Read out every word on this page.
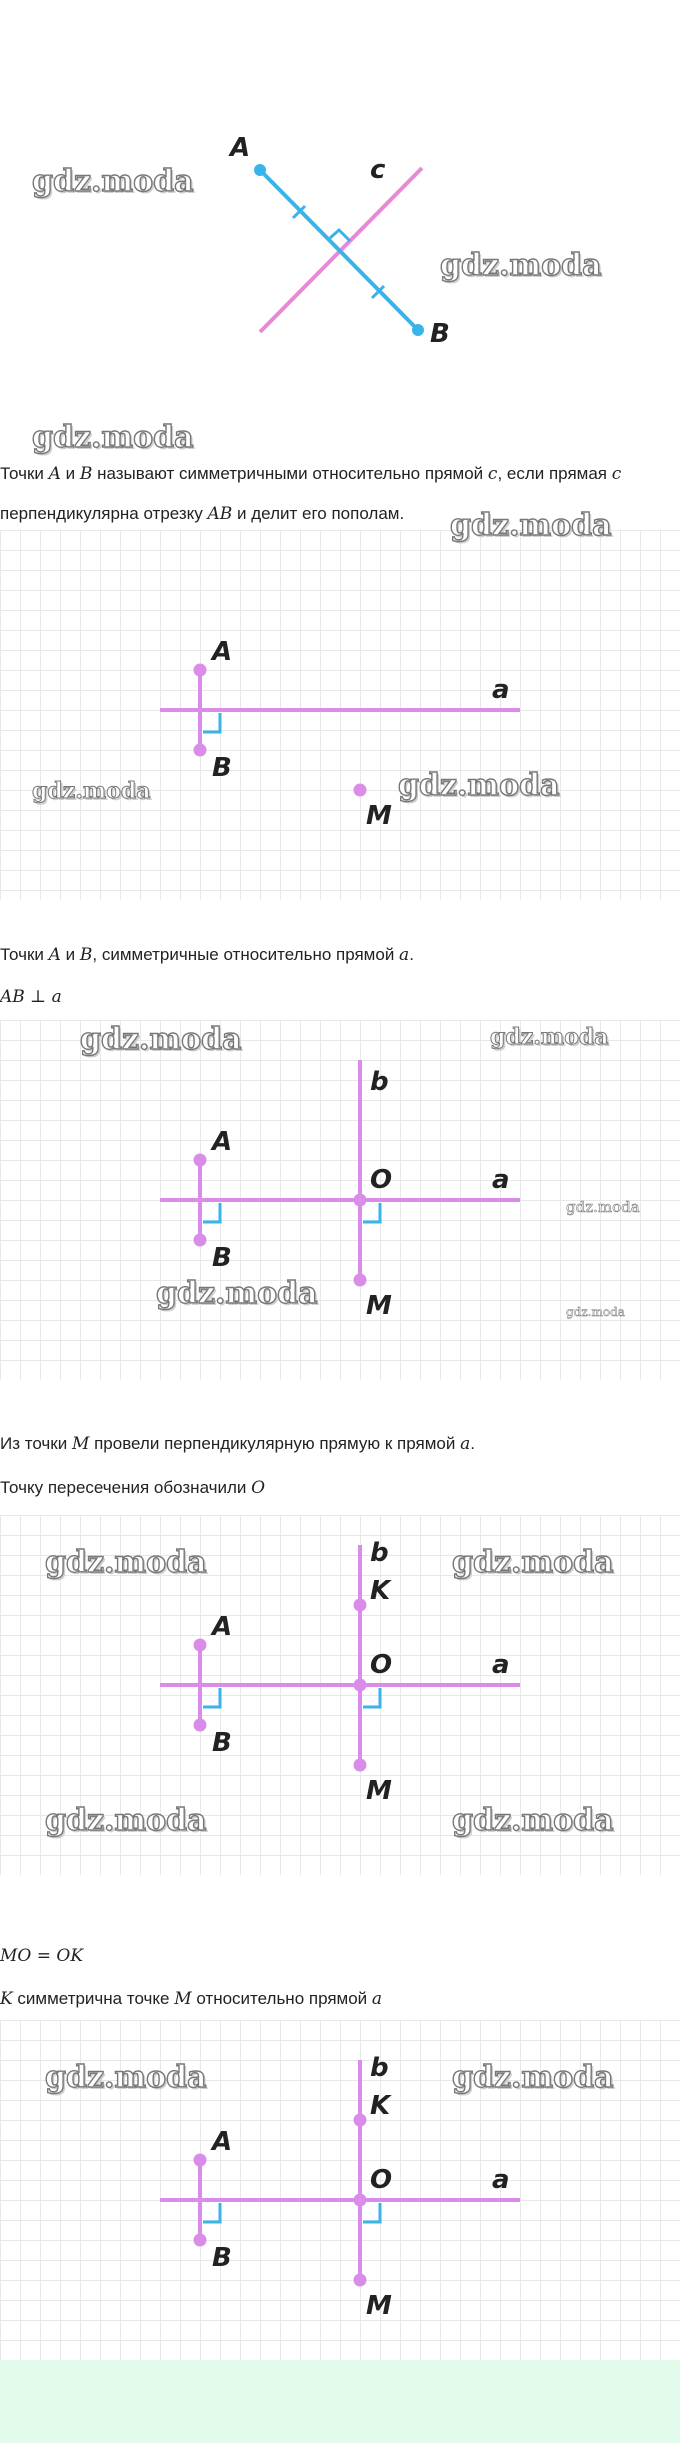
gdz.moda
gdz.moda
A
B
c
gdz.moda
Точки A и B называют симметричными относительно прямой c, если прямая c
перпендикулярна отрезку AB и делит его пополам. gdz.moda
gdz.moda	gdz.moda
A
B
a
M
Точки A и B, симметричные относительно прямой a.
AB ⊥ a
gdz.moda	gdz.moda
gdz.moda
gdz.moda
gdz.moda
A
B
O	a
b
M
Из точки M провели перпендикулярную прямую к прямой a.
Точку пересечения обозначили O
gdz.moda	gdz.moda
gdz.moda	gdz.moda
A
B
b
K
O	a
M
MO = OK
K симметрична точке M относительно прямой a
gdz.moda	gdz.moda
A
B
b
K
O	a
M
